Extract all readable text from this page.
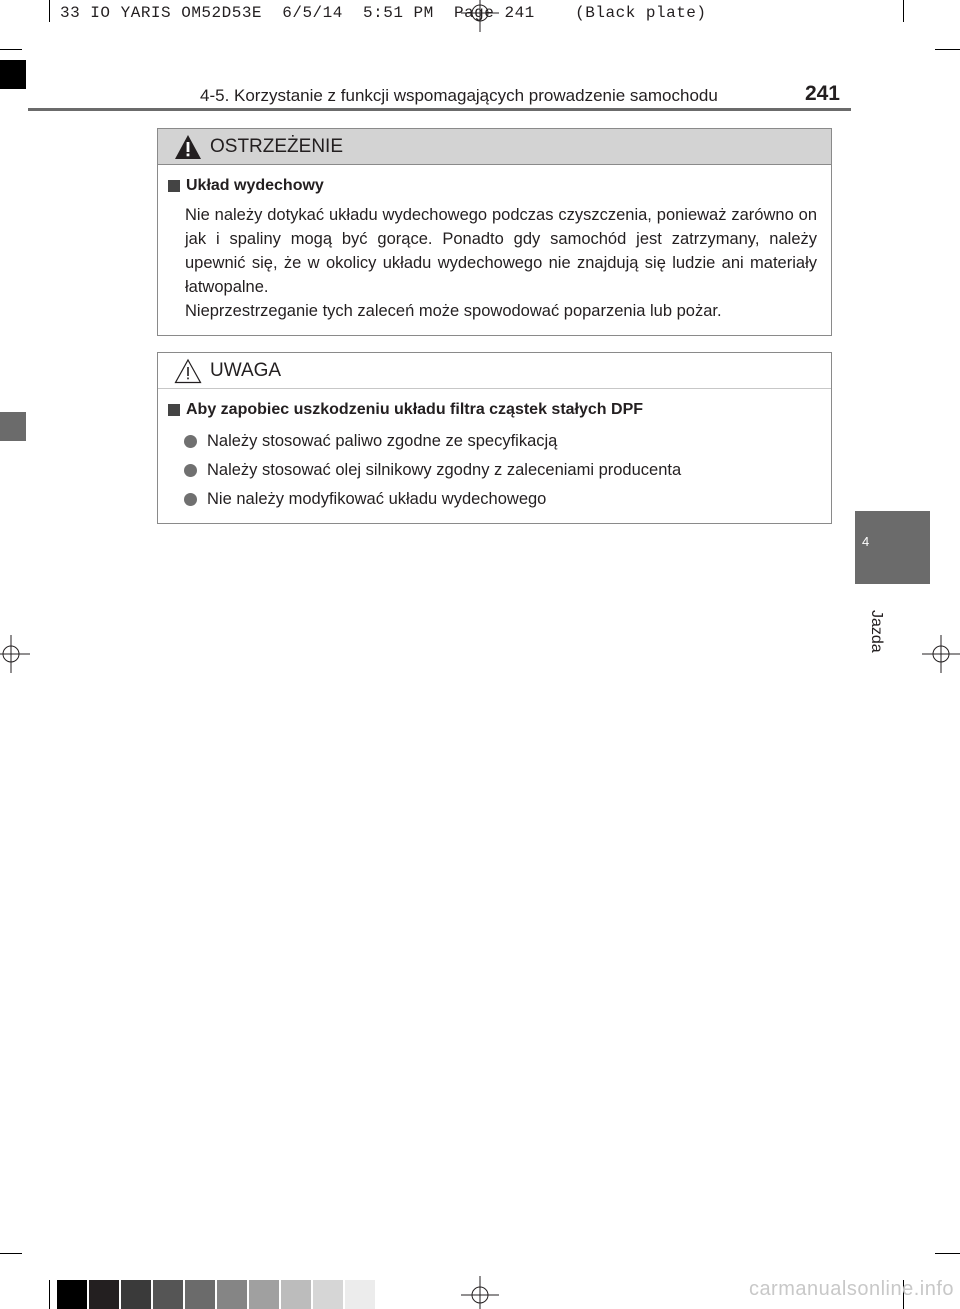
33 IO YARIS OM52D53E  6/5/14  5:51 PM  Page 241    (Black plate)
4-5. Korzystanie z funkcji wspomagających prowadzenie samochodu	241
4
Jazda
OSTRZEŻENIE
Układ wydechowy
Nie należy dotykać układu wydechowego podczas czyszczenia, ponieważ zarówno on jak i spaliny mogą być gorące. Ponadto gdy samochód jest zatrzymany, należy upewnić się, że w okolicy układu wydechowego nie znajdują się ludzie ani materiały łatwopalne.
Nieprzestrzeganie tych zaleceń może spowodować poparzenia lub pożar.
UWAGA
Aby zapobiec uszkodzeniu układu filtra cząstek stałych DPF
Należy stosować paliwo zgodne ze specyfikacją
Należy stosować olej silnikowy zgodny z zaleceniami producenta
Nie należy modyfikować układu wydechowego
carmanualsonline.info
